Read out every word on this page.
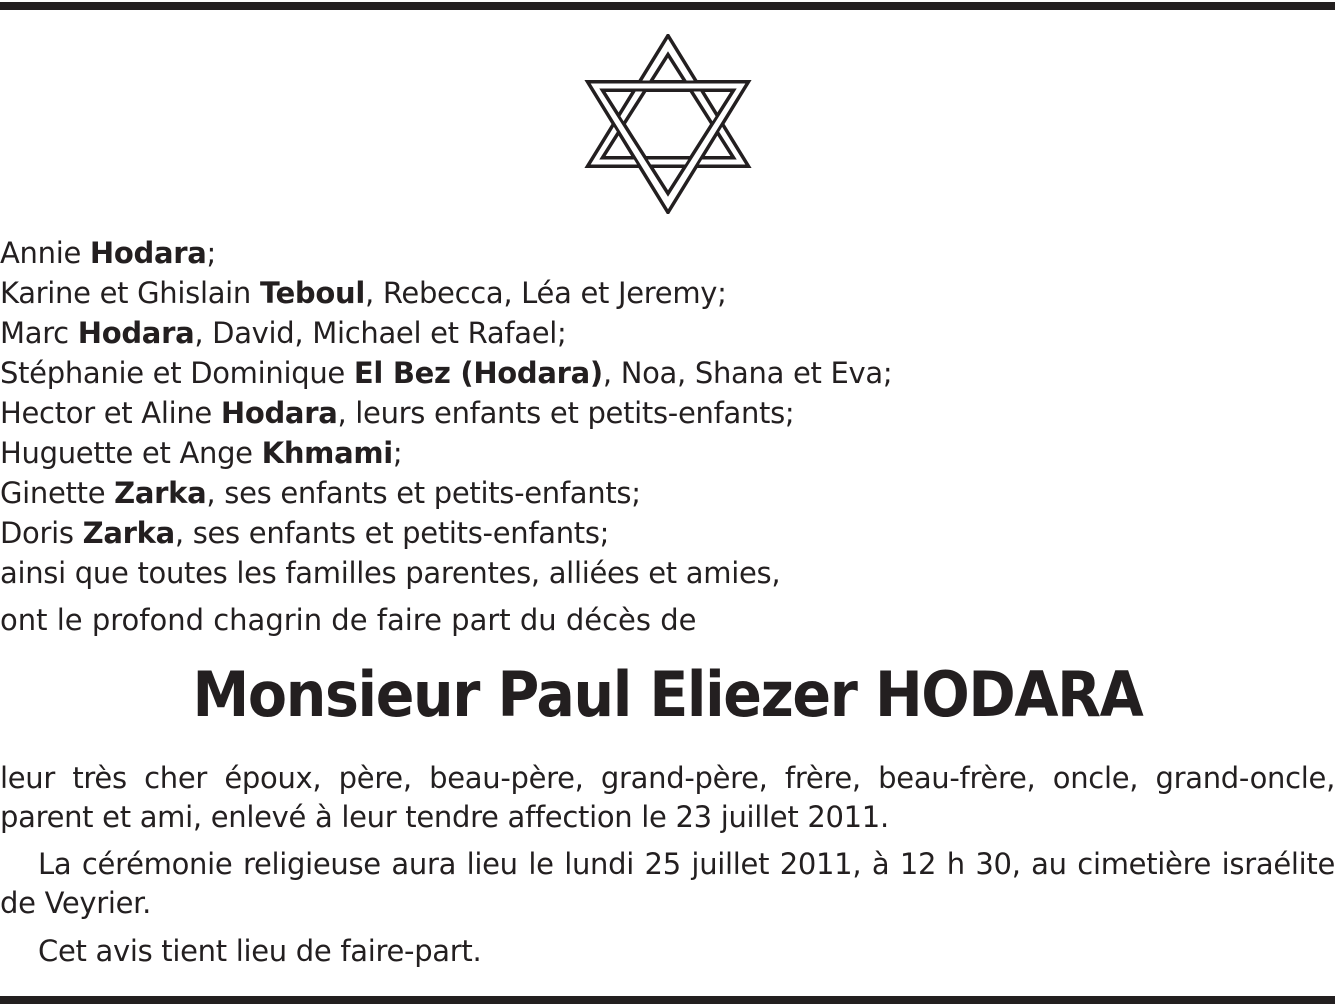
Annie Hodara;
Karine et Ghislain Teboul, Rebecca, Léa et Jeremy;
Marc Hodara, David, Michael et Rafael;
Stéphanie et Dominique El Bez (Hodara), Noa, Shana et Eva;
Hector et Aline Hodara, leurs enfants et petits-enfants;
Huguette et Ange Khmami;
Ginette Zarka, ses enfants et petits-enfants;
Doris Zarka, ses enfants et petits-enfants;
ainsi que toutes les familles parentes, alliées et amies,
ont le profond chagrin de faire part du décès de
Monsieur Paul Eliezer HODARA

leur très cher époux, père, beau-père, grand-père, frère, beau-frère, oncle, grand-oncle, parent et ami, enlevé à leur tendre affection le 23 juillet 2011.

La cérémonie religieuse aura lieu le lundi 25 juillet 2011, à 12 h 30, au cimetière israélite de Veyrier.

Cet avis tient lieu de faire-part.
